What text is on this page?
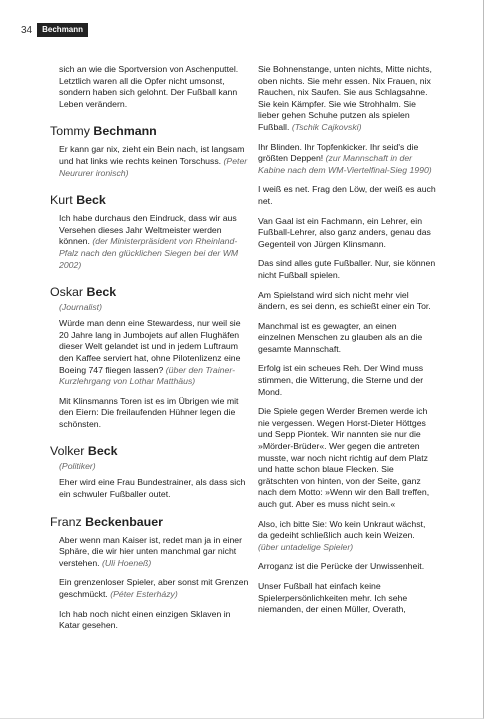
34	Bechmann

sich an wie die Sportversion von Aschenputtel. Letztlich waren all die Opfer nicht umsonst, sondern haben sich gelohnt. Der Fußball kann Leben verändern.

Tommy Bechmann

Er kann gar nix, zieht ein Bein nach, ist langsam und hat links wie rechts keinen Torschuss. (Peter Neururer ironisch)

Kurt Beck

Ich habe durchaus den Eindruck, dass wir aus Versehen dieses Jahr Weltmeister werden können. (der Ministerpräsident von Rheinland-Pfalz nach den glücklichen Siegen bei der WM 2002)

Oskar Beck
(Journalist)

Würde man denn eine Stewardess, nur weil sie 20 Jahre lang in Jumbojets auf allen Flughäfen dieser Welt gelandet ist und in jedem Luftraum den Kaffee serviert hat, ohne Pilotenlizenz eine Boeing 747 fliegen lassen? (über den Trainer-Kurzlehrgang von Lothar Matthäus)

Mit Klinsmanns Toren ist es im Übrigen wie mit den Eiern: Die freilaufenden Hühner legen die schönsten.

Volker Beck
(Politiker)

Eher wird eine Frau Bundestrainer, als dass sich ein schwuler Fußballer outet.

Franz Beckenbauer

Aber wenn man Kaiser ist, redet man ja in einer Sphäre, die wir hier unten manchmal gar nicht verstehen. (Uli Hoeneß)

Ein grenzenloser Spieler, aber sonst mit Grenzen geschmückt. (Péter Esterházy)

Ich hab noch nicht einen einzigen Sklaven in Katar gesehen.

Sie Bohnenstange, unten nichts, Mitte nichts, oben nichts. Sie mehr essen. Nix Frauen, nix Rauchen, nix Saufen. Sie aus Schlagsahne. Sie kein Kämpfer. Sie wie Strohhalm. Sie lieber gehen Schuhe putzen als spielen Fußball. (Tschik Cajkovski)

Ihr Blinden. Ihr Topfenkicker. Ihr seid's die größten Deppen! (zur Mannschaft in der Kabine nach dem WM-Viertelfinal-Sieg 1990)

I weiß es net. Frag den Löw, der weiß es auch net.

Van Gaal ist ein Fachmann, ein Lehrer, ein Fußball-Lehrer, also ganz anders, genau das Gegenteil von Jürgen Klinsmann.

Das sind alles gute Fußballer. Nur, sie können nicht Fußball spielen.

Am Spielstand wird sich nicht mehr viel ändern, es sei denn, es schießt einer ein Tor.

Manchmal ist es gewagter, an einen einzelnen Menschen zu glauben als an die gesamte Mannschaft.

Erfolg ist ein scheues Reh. Der Wind muss stimmen, die Witterung, die Sterne und der Mond.

Die Spiele gegen Werder Bremen werde ich nie vergessen. Wegen Horst-Dieter Höttges und Sepp Piontek. Wir nannten sie nur die »Mörder-Brüder«. Wer gegen die antreten musste, war noch nicht richtig auf dem Platz und hatte schon blaue Flecken. Sie grätschten von hinten, von der Seite, ganz nach dem Motto: »Wenn wir den Ball treffen, auch gut. Aber es muss nicht sein.«

Also, ich bitte Sie: Wo kein Unkraut wächst, da gedeiht schließlich auch kein Weizen. (über untadelige Spieler)

Arroganz ist die Perücke der Unwissenheit.

Unser Fußball hat einfach keine Spielerpersönlichkeiten mehr. Ich sehe niemanden, der einen Müller, Overath,
